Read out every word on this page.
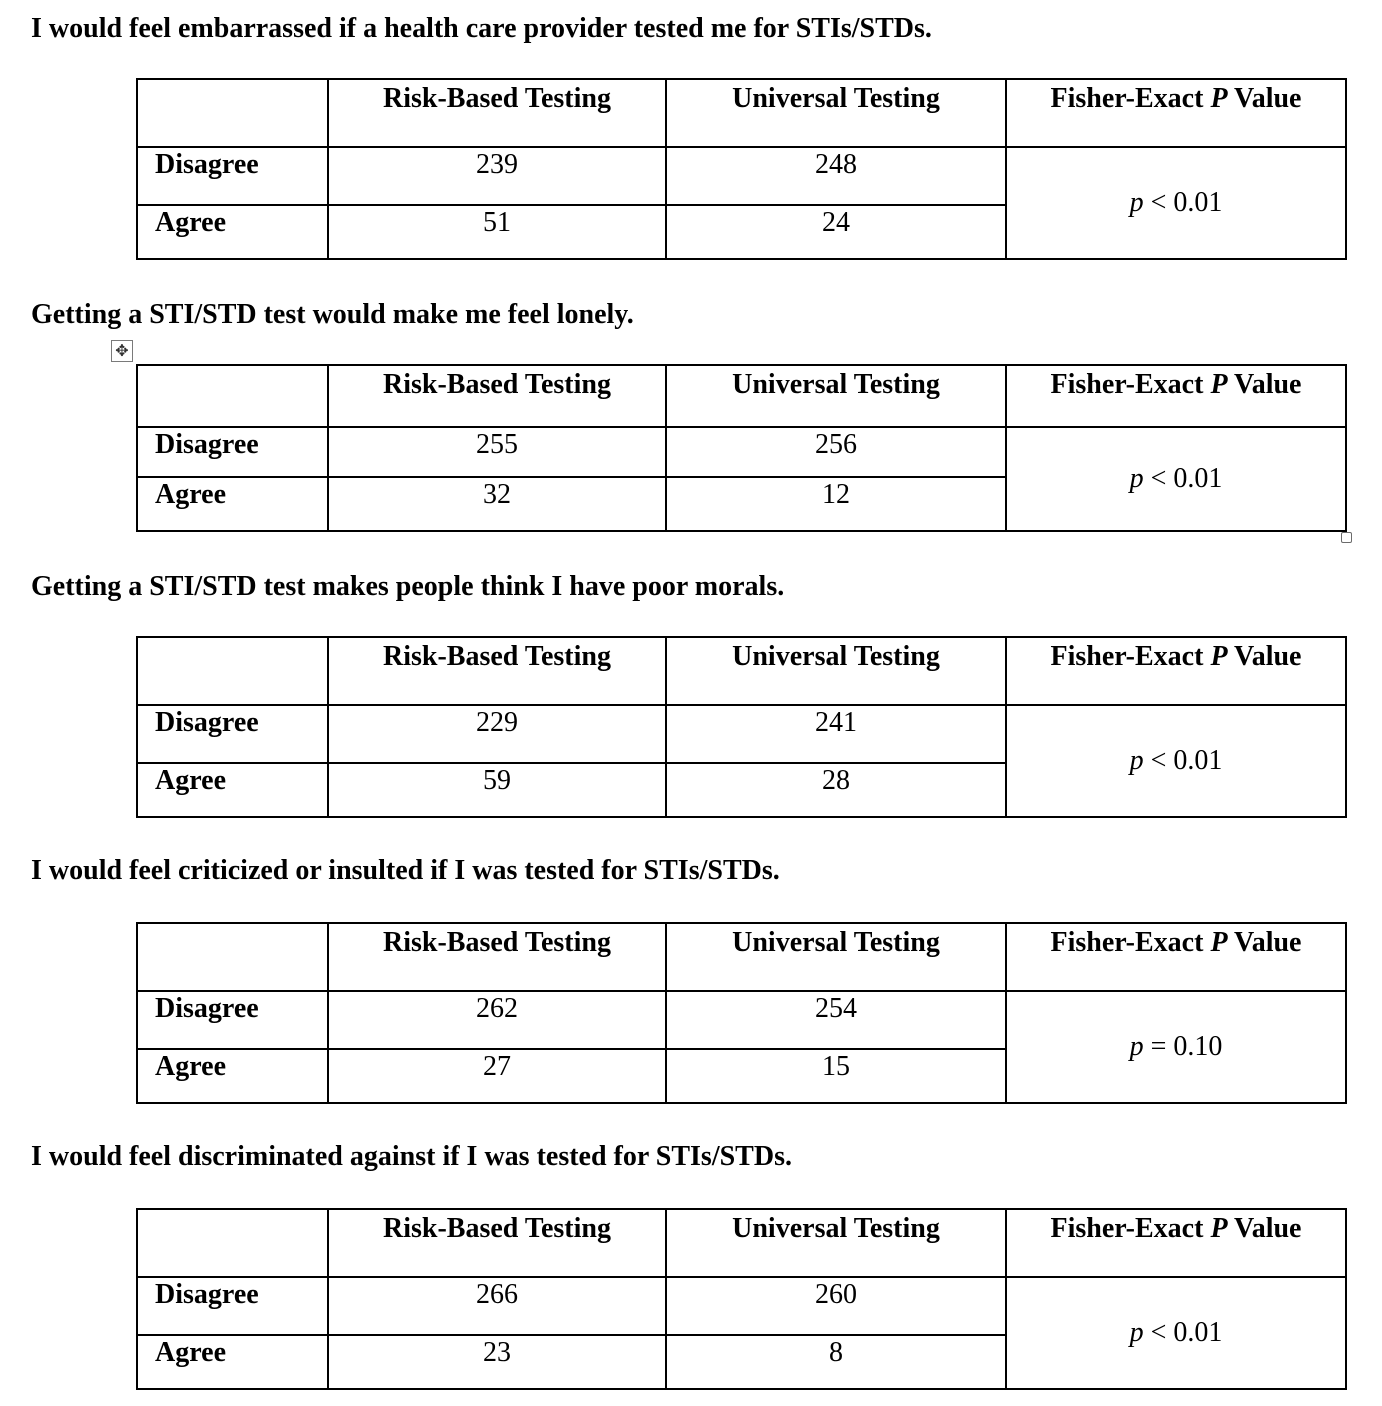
I would feel embarrassed if a health care provider tested me for STIs/STDs.
	Risk-Based Testing	Universal Testing	Fisher-Exact P Value
Disagree	239	248	p < 0.01
Agree	51	24	
Getting a STI/STD test would make me feel lonely.
✥
	Risk-Based Testing	Universal Testing	Fisher-Exact P Value
Disagree	255	256	p < 0.01
Agree	32	12	
Getting a STI/STD test makes people think I have poor morals.
	Risk-Based Testing	Universal Testing	Fisher-Exact P Value
Disagree	229	241	p < 0.01
Agree	59	28	
I would feel criticized or insulted if I was tested for STIs/STDs.
	Risk-Based Testing	Universal Testing	Fisher-Exact P Value
Disagree	262	254	p = 0.10
Agree	27	15	
I would feel discriminated against if I was tested for STIs/STDs.
	Risk-Based Testing	Universal Testing	Fisher-Exact P Value
Disagree	266	260	p < 0.01
Agree	23	8	
